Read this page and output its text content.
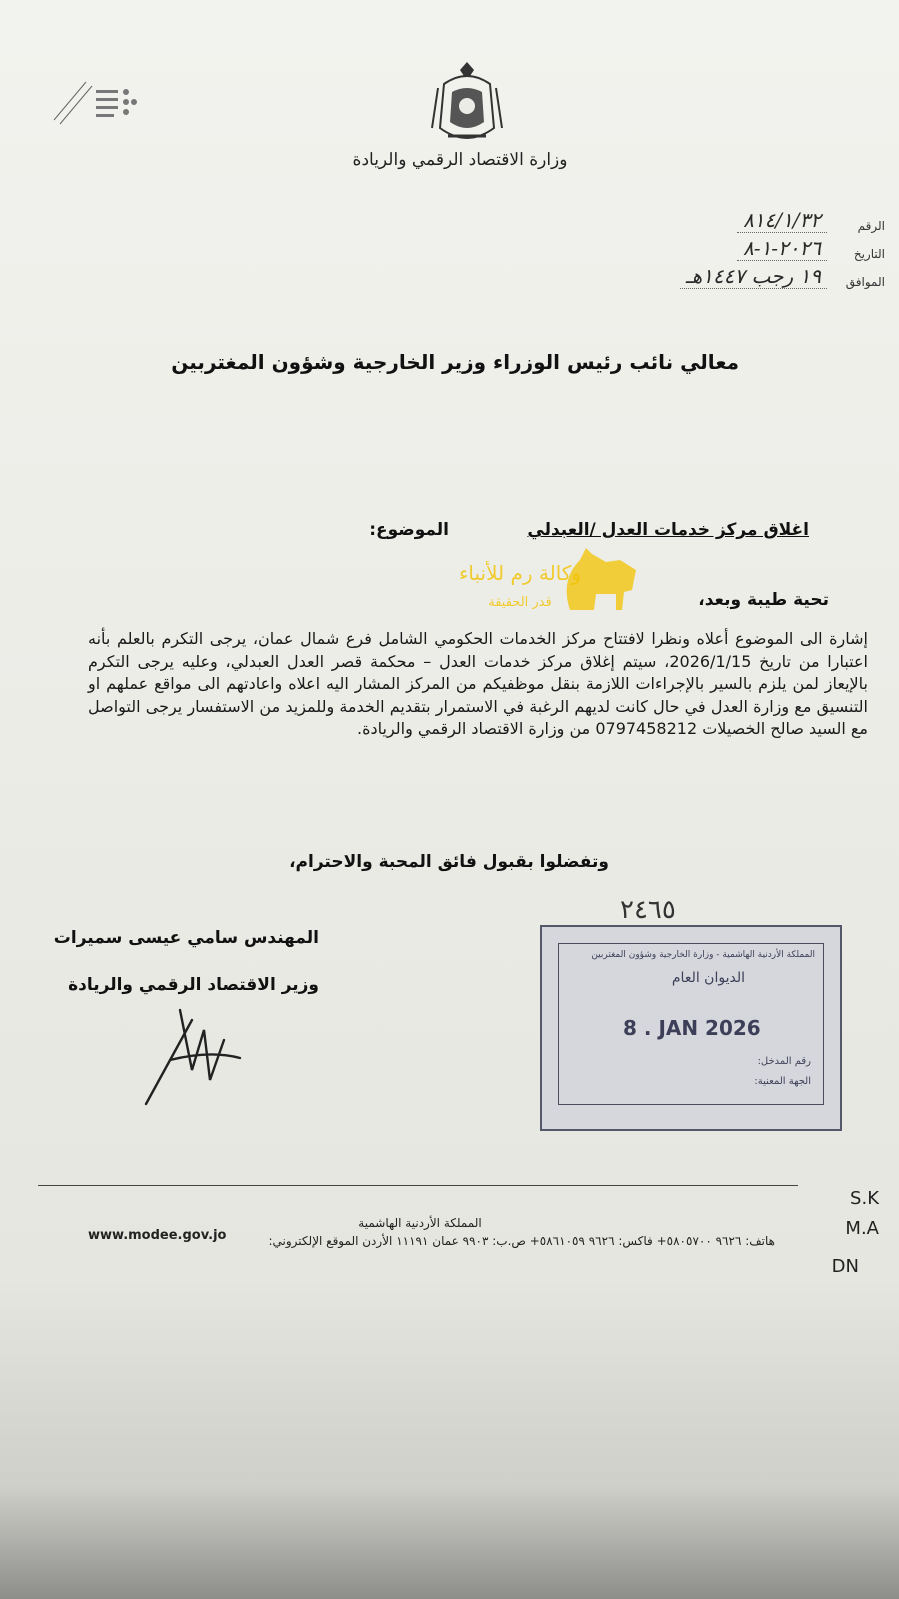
وزارة الاقتصاد الرقمي والريادة
الرقم
٨١٤/١/٣٢
التاريخ
٢٠٢٦-١-٨
الموافق
١٩ رجب ١٤٤٧هـ
معالي نائب رئيس الوزراء وزير الخارجية وشؤون المغتربين
الموضوع:	اغلاق مركز خدمات العدل /العبدلي
وكالة رم للأنباء
قدر الحقيقة	تحية طيبة وبعد،
إشارة الى الموضوع أعلاه ونظرا لافتتاح مركز الخدمات الحكومي الشامل فرع شمال عمان، يرجى التكرم بالعلم بأنه اعتبارا من تاريخ 2026/1/15، سيتم إغلاق مركز خدمات العدل – محكمة قصر العدل العبدلي، وعليه يرجى التكرم بالإيعاز لمن يلزم بالسير بالإجراءات اللازمة بنقل موظفيكم من المركز المشار اليه اعلاه واعادتهم الى مواقع عملهم او التنسيق مع وزارة العدل في حال كانت لديهم الرغبة في الاستمرار بتقديم الخدمة وللمزيد من الاستفسار يرجى التواصل مع السيد صالح الخصيلات 0797458212 من وزارة الاقتصاد الرقمي والريادة.
وتفضلوا بقبول فائق المحبة والاحترام،
المهندس سامي عيسى سميرات
وزير الاقتصاد الرقمي والريادة
٢٤٦٥
المملكة الأردنية الهاشمية - وزارة الخارجية وشؤون المغتربين
الديوان العام
8 . JAN 2026
رقم المدخل:
الجهة المعنية:
المملكة الأردنية الهاشمية
هاتف: ٩٦٢٦ ٥٨٠٥٧٠٠+ فاكس: ٩٦٢٦ ٥٨٦١٠٥٩+ ص.ب: ٩٩٠٣ عمان ١١١٩١ الأردن الموقع الإلكتروني:
www.modee.gov.jo
S.K
M.A
DN
